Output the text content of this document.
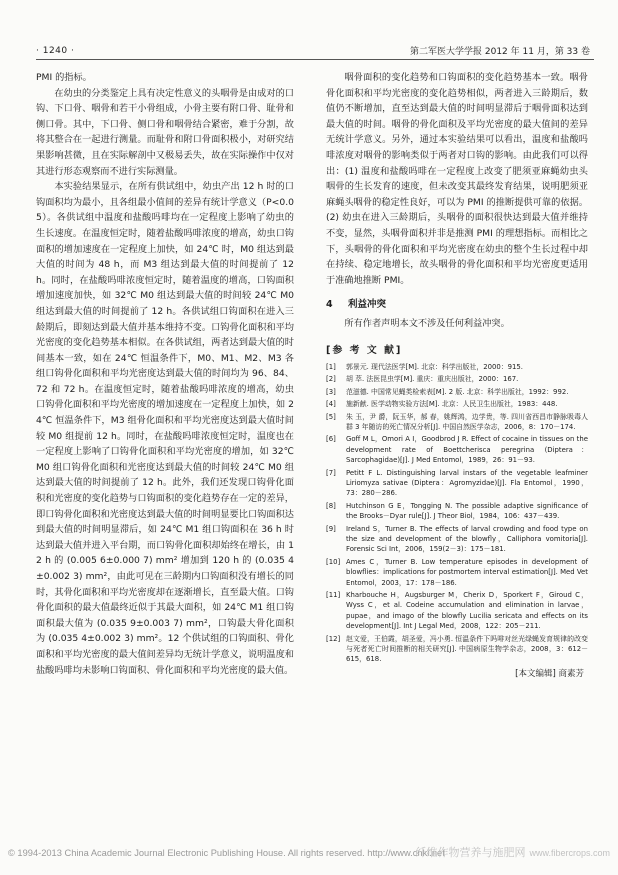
· 1240 ·	第二军医大学学报 2012 年 11 月，第 33 卷

PMI 的指标。

在幼虫的分类鉴定上具有决定性意义的头咽骨是由成对的口钩、下口骨、咽骨和若干小骨组成，小骨主要有附口骨、耻骨和侧口骨。其中，下口骨、侧口骨和咽骨结合紧密，难于分割，故将其整合在一起进行测量。而耻骨和附口骨面积极小，对研究结果影响甚微，且在实际解剖中又极易丢失，故在实际操作中仅对其进行形态观察而不进行实际测量。

本实验结果显示，在所有供试组中，幼虫产出 12 h 时的口钩面积均为最小，且各组最小值间的差异有统计学意义（P<0.05）。各供试组中温度和盐酸吗啡均在一定程度上影响了幼虫的生长速度。在温度恒定时，随着盐酸吗啡浓度的增高，幼虫口钩面积的增加速度在一定程度上加快，如 24℃ 时，M0 组达到最大值的时间为 48 h，而 M3 组达到最大值的时间提前了 12 h。同时，在盐酸吗啡浓度恒定时，随着温度的增高，口钩面积增加速度加快，如 32℃ M0 组达到最大值的时间较 24℃ M0 组达到最大值的时间提前了 12 h。各供试组口钩面积在进入三龄期后，即刻达到最大值并基本维持不变。口钩骨化面积和平均光密度的变化趋势基本相似。在各供试组，两者达到最大值的时间基本一致，如在 24℃ 恒温条件下，M0、M1、M2、M3 各组口钩骨化面积和平均光密度达到最大值的时间均为 96、84、72 和 72 h。在温度恒定时，随着盐酸吗啡浓度的增高，幼虫口钩骨化面积和平均光密度的增加速度在一定程度上加快，如 24℃ 恒温条件下，M3 组骨化面积和平均光密度达到最大值时间较 M0 组提前 12 h。同时，在盐酸吗啡浓度恒定时，温度也在一定程度上影响了口钩骨化面积和平均光密度的增加，如 32℃ M0 组口钩骨化面积和光密度达到最大值的时间较 24℃ M0 组达到最大值的时间提前了 12 h。此外，我们还发现口钩骨化面积和光密度的变化趋势与口钩面积的变化趋势存在一定的差异，即口钩骨化面积和光密度达到最大值的时间明显要比口钩面积达到最大值的时间明显滞后，如 24℃ M1 组口钩面积在 36 h 时达到最大值并进入平台期，而口钩骨化面积却始终在增长，由 12 h 的 (0.005 6±0.000 7) mm² 增加到 120 h 的 (0.035 4±0.002 3) mm²，由此可见在三龄期内口钩面积没有增长的同时，其骨化面积和平均光密度却在逐渐增长，直至最大值。口钩骨化面积的最大值最终近似于其最大面积，如 24℃ M1 组口钩面积最大值为 (0.035 9±0.003 7) mm²，口钩最大骨化面积为 (0.035 4±0.002 3) mm²。12 个供试组的口钩面积、骨化面积和平均光密度的最大值间差异均无统计学意义，说明温度和盐酸吗啡均未影响口钩面积、骨化面积和平均光密度的最大值。

咽骨面积的变化趋势和口钩面积的变化趋势基本一致。咽骨骨化面积和平均光密度的变化趋势相似，两者进入三龄期后，数值仍不断增加，直至达到最大值的时间明显滞后于咽骨面积达到最大值的时间。咽骨的骨化面积及平均光密度的最大值间的差异无统计学意义。另外，通过本实验结果可以看出，温度和盐酸吗啡浓度对咽骨的影响类似于两者对口钩的影响。由此我们可以得出：(1) 温度和盐酸吗啡在一定程度上改变了肥须亚麻蝇幼虫头咽骨的生长发育的速度，但未改变其最终发育结果，说明肥须亚麻蝇头咽骨的稳定性良好，可以为 PMI 的推断提供可靠的依据。(2) 幼虫在进入三龄期后，头咽骨的面积很快达到最大值并维持不变，显然，头咽骨面积并非是推测 PMI 的理想指标。而相比之下，头咽骨的骨化面积和平均光密度在幼虫的整个生长过程中却在持续、稳定地增长，故头咽骨的骨化面积和平均光密度更适用于准确地推断 PMI。

4 利益冲突

所有作者声明本文不涉及任何利益冲突。

[参 考 文 献]
[1]	郭景元. 现代法医学[M]. 北京：科学出版社，2000：915.
[2]	胡 萃. 法医昆虫学[M]. 重庆：重庆出版社，2000：167.
[3]	范滋德. 中国常见蝇类检索表[M]. 2 版. 北京：科学出版社，1992：992.
[4]	施新献. 医学动物实验方法[M]. 北京：人民卫生出版社，1983：448.
[5]	朱 玉，尹 爵，阮玉华，郝 春，姚辉鸿，边学贵，等. 四川省西昌市静脉吸毒人群 3 年随访的死亡情况分析[J]. 中国自然医学杂志，2006，8：170－174.
[6]	Goff M L，Omori A I，Goodbrod J R. Effect of cocaine in tissues on the development rate of Boettcherisca peregrina (Diptera：Sarcophagidae)[J]. J Med Entomol，1989，26：91－93.
[7]	Petitt F L. Distinguishing larval instars of the vegetable leafminer Liriomyza sativae (Diptera：Agromyzidae)[J]. Fla Entomol，1990，73：280－286.
[8]	Hutchinson G E，Tongging N. The possible adaptive significance of the Brooks－Dyar rule[J]. J Theor Biol，1984，106：437－439.
[9]	Ireland S，Turner B. The effects of larval crowding and food type on the size and development of the blowfly，Calliphora vomitoria[J]. Forensic Sci Int，2006，159(2－3)：175－181.
[10] Ames C，Turner B. Low temperature episodes in development of blowflies：implications for postmortem interval estimation[J]. Med Vet Entomol，2003，17：178－186.
[11] Kharbouche H，Augsburger M，Cherix D，Sporkert F，Giroud C，Wyss C，et al. Codeine accumulation and elimination in larvae，pupae，and imago of the blowfly Lucilia sericata and effects on its development[J]. Int J Legal Med，2008，122：205－211.
[12] 赵文爱，王伯霞，胡圣爱，冯小勇. 恒温条件下吗啡对丝光绿蝇发育规律的改变与死者死亡时间推断的相关研究[J]. 中国病原生物学杂志，2008，3：612－615，618.
[本文编辑] 商素芳
© 1994-2013 China Academic Journal Electronic Publishing House. All rights reserved. http://www.cnki.net
纤维作物营养与施肥网 www.fibercrops.com
